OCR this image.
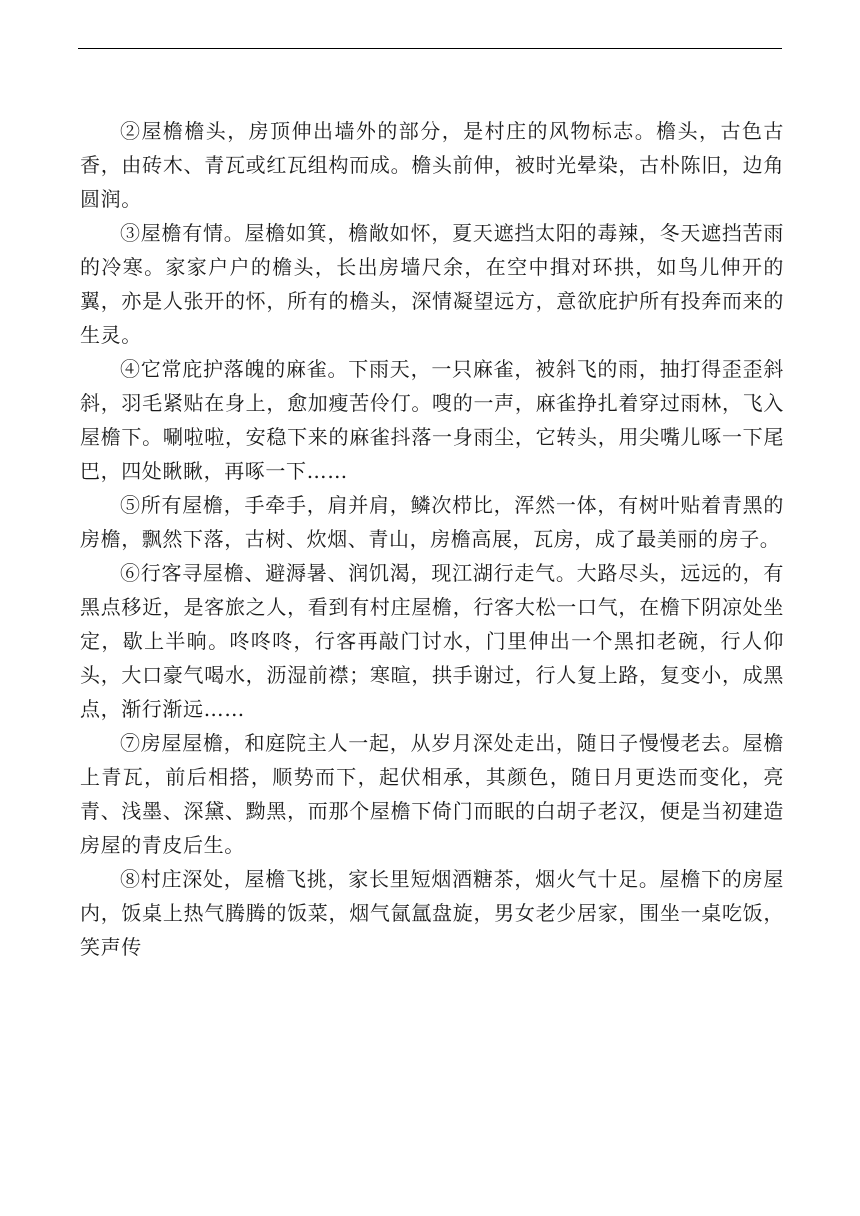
②屋檐檐头，房顶伸出墙外的部分，是村庄的风物标志。檐头，古色古香，由砖木、青瓦或红瓦组构而成。檐头前伸，被时光晕染，古朴陈旧，边角圆润。

③屋檐有情。屋檐如箕，檐敞如怀，夏天遮挡太阳的毒辣，冬天遮挡苦雨的冷寒。家家户户的檐头，长出房墙尺余，在空中揖对环拱，如鸟儿伸开的翼，亦是人张开的怀，所有的檐头，深情凝望远方，意欲庇护所有投奔而来的生灵。

④它常庇护落魄的麻雀。下雨天，一只麻雀，被斜飞的雨，抽打得歪歪斜斜，羽毛紧贴在身上，愈加瘦苦伶仃。嗖的一声，麻雀挣扎着穿过雨林，飞入屋檐下。唰啦啦，安稳下来的麻雀抖落一身雨尘，它转头，用尖嘴儿啄一下尾巴，四处瞅瞅，再啄一下……

⑤所有屋檐，手牵手，肩并肩，鳞次栉比，浑然一体，有树叶贴着青黑的房檐，飘然下落，古树、炊烟、青山，房檐高展，瓦房，成了最美丽的房子。

⑥行客寻屋檐、避溽暑、润饥渴，现江湖行走气。大路尽头，远远的，有黑点移近，是客旅之人，看到有村庄屋檐，行客大松一口气，在檐下阴凉处坐定，歇上半晌。咚咚咚，行客再敲门讨水，门里伸出一个黑扣老碗，行人仰头，大口豪气喝水，沥湿前襟；寒暄，拱手谢过，行人复上路，复变小，成黑点，渐行渐远……

⑦房屋屋檐，和庭院主人一起，从岁月深处走出，随日子慢慢老去。屋檐上青瓦，前后相搭，顺势而下，起伏相承，其颜色，随日月更迭而变化，亮青、浅墨、深黛、黝黑，而那个屋檐下倚门而眠的白胡子老汉，便是当初建造房屋的青皮后生。

⑧村庄深处，屋檐飞挑，家长里短烟酒糖茶，烟火气十足。屋檐下的房屋内，饭桌上热气腾腾的饭菜，烟气氤氲盘旋，男女老少居家，围坐一桌吃饭，笑声传
